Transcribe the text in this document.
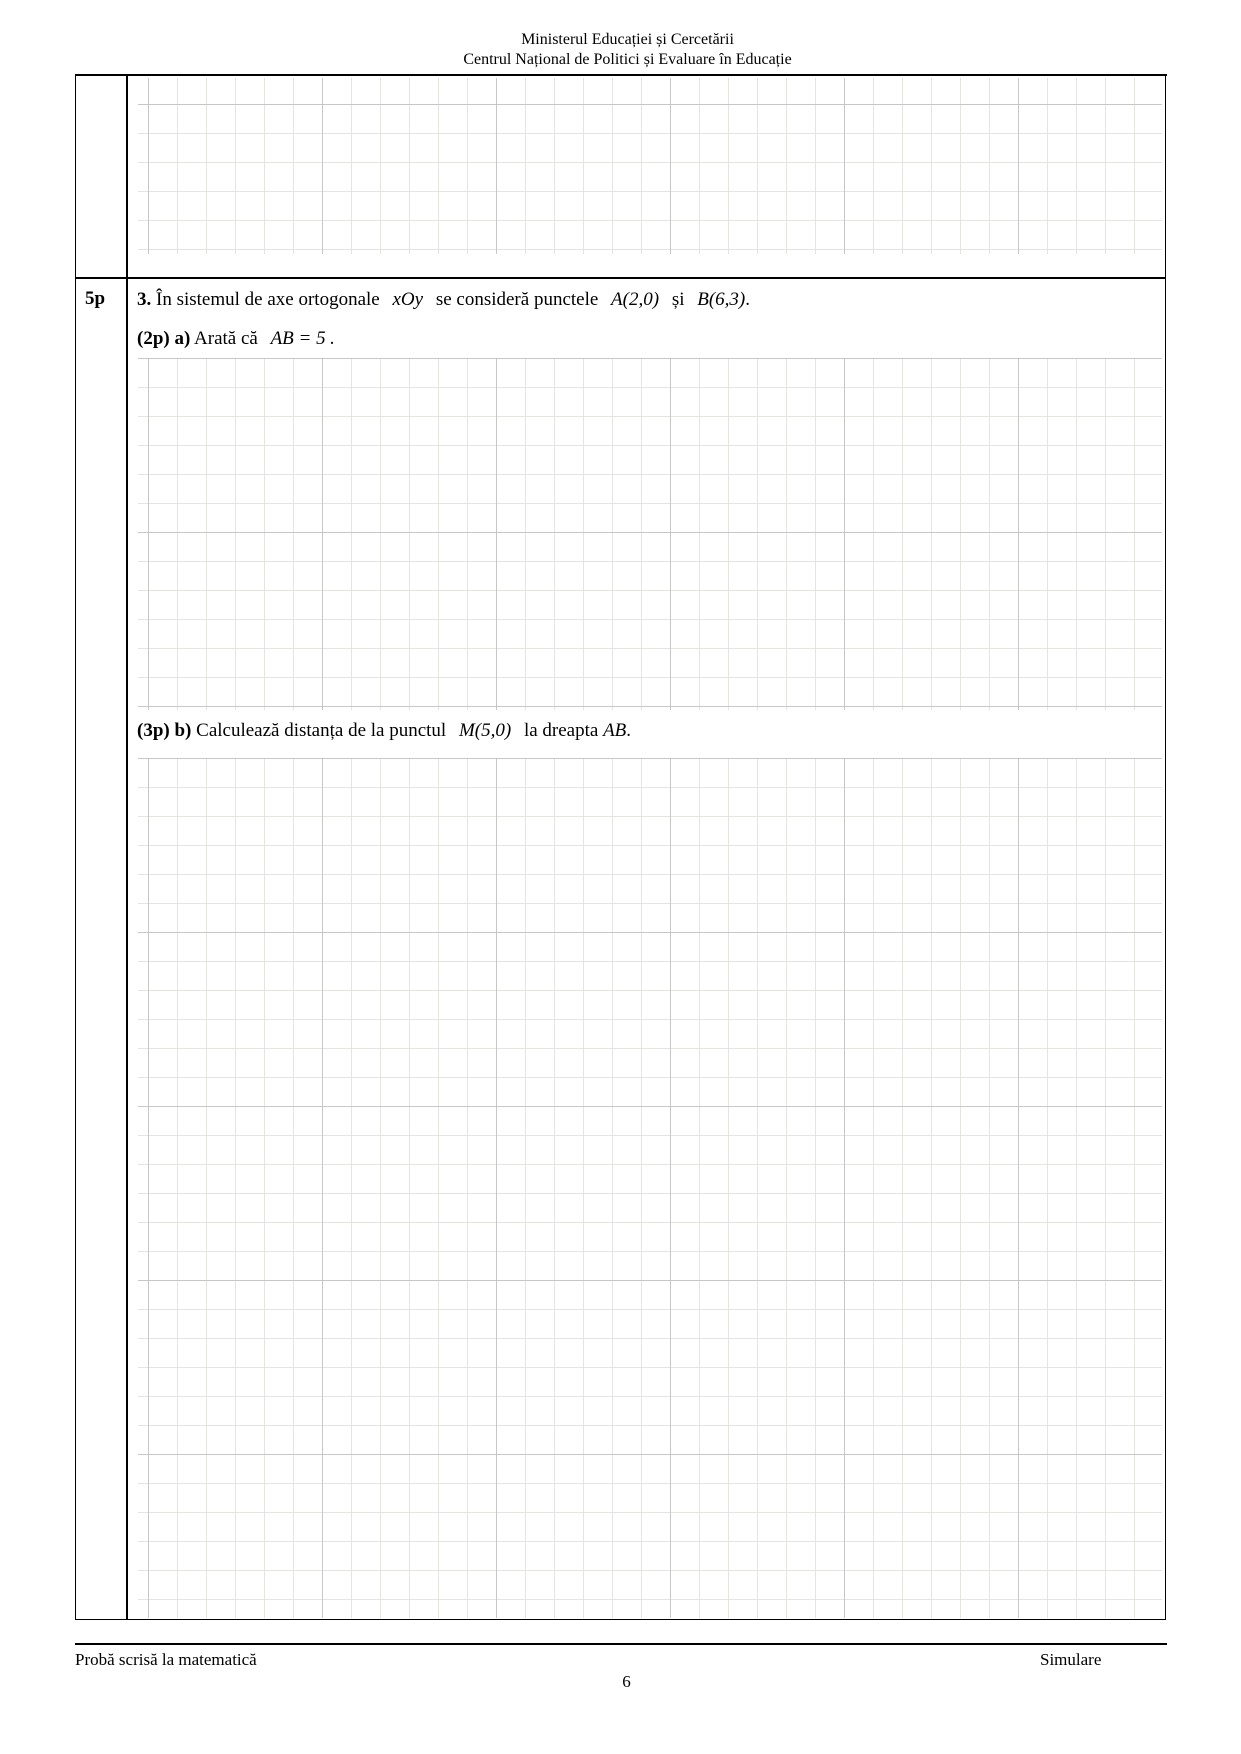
Ministerul Educației și Cercetării
Centrul Național de Politici și Evaluare în Educație
5p 3. În sistemul de axe ortogonale xOy se consideră punctele A(2,0) și B(6,3).
(2p) a) Arată că AB = 5 .
(3p) b) Calculează distanța de la punctul M(5,0) la dreapta AB.
Probă scrisă la matematică	Simulare
6
